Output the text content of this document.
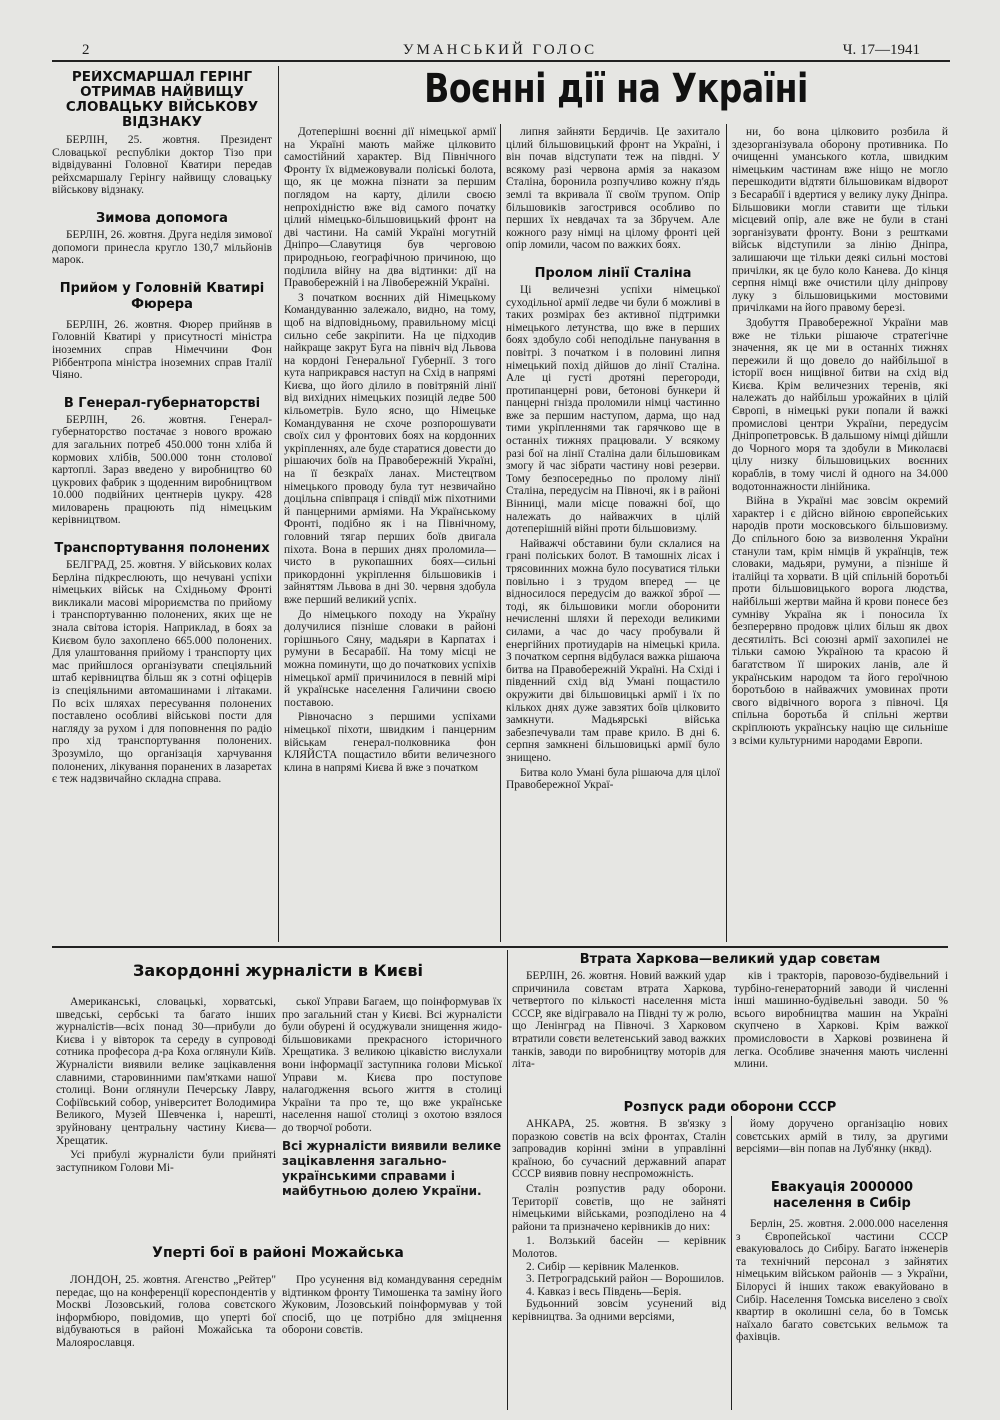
2	УМАНСЬКИЙ ГОЛОС	Ч. 17—1941
РЕЙХСМАРШАЛ ГЕРІНГ ОТРИМАВ НАЙВИЩУ СЛОВАЦЬКУ ВІЙСЬКОВУ ВІДЗНАКУ

БЕРЛІН, 25. жовтня. Президент Словацької республіки доктор Тізо при відвідуванні Головної Кватири передав рейхсмаршалу Герінгу найвищу словацьку військову відзнаку.

Зимова допомога

БЕРЛІН, 26. жовтня. Друга неділя зимової допомоги принесла кругло 130,7 мільйонів марок.

Прийом у Головній Кватирі Фюрера

БЕРЛІН, 26. жовтня. Фюрер прийняв в Головній Кватирі у присутності міністра іноземних справ Німеччини Фон Ріббентропа міністра іноземних справ Італії Чіяно.

В Генерал-губернаторстві

БЕРЛІН, 26. жовтня. Генерал-губернаторство постачає з нового врожаю для загальних потреб 450.000 тонн хліба й кормових хлібів, 500.000 тонн столової картоплі. Зараз введено у виробництво 60 цукрових фабрик з щоденним виробництвом 10.000 подвійних центнерів цукру. 428 миловарень працюють під німецьким керівництвом.

Транспортування полонених

БЕЛГРАД, 25. жовтня. У військових колах Берліна підкреслюють, що нечувані успіхи німецьких військ на Східньому Фронті викликали масові мірориємства по прийому і транспортуванню полонених, яких ще не знала світова історія. Наприклад, в боях за Києвом було захоплено 665.000 полонених. Для улаштовання прийому і транспорту цих мас прийшлося організувати спеціяльний штаб керівництва більш як з сотні офіцерів із спеціяльними автомашинами і літаками. По всіх шляхах пересування полонених поставлено особливі військові пости для нагляду за рухом і для поповнення по радіо про хід транспортування полонених. Зрозуміло, що організація харчування полонених, лікування поранених в лазаретах є теж надзвичайно складна справа.

Воєнні дії на Україні

Дотеперішні воєнні дії німецької армії на Україні мають майже цілковито самостійний характер. Від Північного Фронту їх відмежовували поліські болота, що, як це можна пізнати за першим поглядом на карту, ділили своєю непрохідністю вже від самого початку цілий німецько-більшовицький фронт на дві частини. На самій Україні могутній Дніпро—Славутиця був черговою природньою, географічною причиною, що поділила війну на два відтинки: дії на Правобережній і на Лівобережній Україні.

З початком воєнних дій Німецькому Командуванню залежало, видно, на тому, щоб на відповідньому, правильному місці сильно себе закріпити. На це підходив найкраще закрут Буга на північ від Львова на кордоні Генеральної Губернії. З того кута наприкрався наступ на Схід в напрямі Києва, що його ділило в повітряній лінії від вихідних німецьких позицій ледве 500 кільометрів. Було ясно, що Німецьке Командування не схоче розпорошувати своїх сил у фронтових боях на кордонних укріпленнях, але буде старатися довести до рішаючих боїв на Правобережній Україні, на її безкраїх ланах. Мистецтвом німецького проводу була тут незвичайно доцільна співпраця і співдії між піхотними й панцерними арміями. На Українському Фронті, подібно як і на Північному, головний тягар перших боїв двигала піхота. Вона в перших днях проломила—чисто в рукопашних боях—сильні прикордонні укріплення більшовиків і зайняттям Львова в дні 30. червня здобула вже перший великий успіх.

До німецького походу на Україну долучилися пізніше словаки в районі горішнього Сяну, мадьяри в Карпатах і румуни в Бесарабії. На тому місці не можна поминути, що до початкових успіхів німецької армії причинилося в певній мірі й українське населення Галичини своєю поставою.

Рівночасно з першими успіхами німецької піхоти, швидким і панцерним військам генерал-полковника фон КЛЯЙСТА пощастило вбити величезного клина в напрямі Києва й вже з початком

липня зайняти Бердичів. Це захитало цілий більшовицький фронт на Україні, і він почав відступати теж на півдні. У всякому разі червона армія за наказом Сталіна, боронила розпучливо кожну п'ядь землі та вкривала її своїм трупом. Опір більшовиків загострився особливо по перших їх невдачах та за Збручем. Але кожного разу німці на цілому фронті цей опір ломили, часом по важких боях.

Пролом лінії Сталіна

Ці величезні успіхи німецької суходільної армії ледве чи були б можливі в таких розмірах без активної підтримки німецького летунства, що вже в перших боях здобуло собі неподільне панування в повітрі. З початком і в половині липня німецький похід дійшов до лінії Сталіна. Але ці густі дротяні перегороди, протипанцерні рови, бетонові бункери й панцерні гнізда проломили німці частинно вже за першим наступом, дарма, що над тими укріпленнями так гарячково ще в останніх тижнях працювали. У всякому разі бої на лінії Сталіна дали більшовикам змогу й час зібрати частину нові резерви. Тому безпосередньо по пролому лінії Сталіна, передусім на Півночі, як і в районі Вінниці, мали місце поважні бої, що належать до найважчих в цілій дотеперішній війні проти більшовизму.

Найважчі обставини були склалися на грані поліських болот. В тамошніх лісах і трясовинних можна було посуватися тільки повільно і з трудом вперед — це відносилося передусім до важкої зброї — тоді, як більшовики могли оборонити нечисленні шляхи й переходи великими силами, а час до часу пробували й енергійних протиударів на німецькі крила. З початком серпня відбулася важка рішаюча битва на Правобережній Україні. На Східі і південний схід від Умані пощастило окружити дві більшовицькі армії і їх по кількох днях дуже завзятих боїв цілковито замкнути. Мадьярські війська забезпечували там праве крило. В дні 6. серпня замкнені більшовицькі армії було знищено.

Битва коло Умані була рішаюча для цілої Правобережної Украї-

ни, бо вона цілковито розбила й здезорганізувала оборону противника. По очищенні уманського котла, швидким німецьким частинам вже ніщо не могло перешкодити відтяти більшовикам відворот з Бесарабії і вдертися у велику луку Дніпра. Більшовики могли ставити ще тільки місцевий опір, але вже не були в стані зорганізувати фронту. Вони з рештками військ відступили за лінію Дніпра, залишаючи ще тільки деякі сильні мостові причілки, як це було коло Канева. До кінця серпня німці вже очистили цілу дніпрову луку з більшовицькими мостовими причілками на його правому березі.

Здобуття Правобережної України мав вже не тільки рішаюче стратегічне значення, як це ми в останніх тижнях пережили й що довело до найбільшої в історії воєн нищівної битви на схід від Києва. Крім величезних теренів, які належать до найбільш урожайних в цілій Європі, в німецькі руки попали й важкі промислові центри України, передусім Дніпропетровськ. В дальшому німці дійшли до Чорного моря та здобули в Миколаєві цілу низку більшовицьких воєнних кораблів, в тому числі й одного на 34.000 водотоннажности лінійника.

Війна в Україні має зовсім окремий характер і є дійсно війною європейських народів проти московського більшовизму. До спільного бою за визволення України станули там, крім німців й українців, теж словаки, мадьяри, румуни, а пізніше й італійці та хорвати. В цій спільній боротьбі проти більшовицького ворога людства, найбільші жертви майна й крови понесе без сумніву Україна як і поносила їх безперервно продовж цілих більш як двох десятиліть. Всі союзні армії захопилеі не тільки самою Україною та красою й багатством її широких ланів, але й українським народом та його героїчною боротьбою в найважчих умовинах проти свого відвічного ворога з півночі. Ця спільна боротьба й спільні жертви скріплюють українську націю ще сильніше з всіми культурними народами Европи.

Закордонні журналісти в Києві

Американські, словацькі, хорватські, шведські, сербські та багато інших журналістів—всіх понад 30—прибули до Києва і у вівторок та середу в супроводі сотника професора д-ра Коха оглянули Київ. Журналісти виявили велике зацікавлення славними, старовинними пам'ятками нашої столиці. Вони оглянули Печерську Лавру, Софіївський собор, університет Володимира Великого, Музей Шевченка і, нарешті, зруйновану центральну частину Києва—Хрещатик.

Усі прибулі журналісти були прийняті заступником Голови Мі-

ської Управи Багаем, що поінформував їх про загальний стан у Києві. Всі журналісти були обурені й осуджували знищення жидо-більшовиками прекрасного історичного Хрещатика. З великою цікавістю вислухали вони інформації заступника голови Міської Управи м. Києва про поступове налагодження всього життя в столиці України та про те, що вже українське населення нашої столиці з охотою взялося до творчої роботи.

Всі журналісти виявили велике зацікавлення загально-українськими справами і майбутньою долею України.
Уперті бої в районі Можайська

ЛОНДОН, 25. жовтня. Агенство „Рейтер" передає, що на конференції кореспондентів у Москві Лозовський, голова совєтского інформбюро, повідомив, що уперті бої відбуваються в районі Можайська та Малоярославця.

Про усунення від командування середнім відтинком фронту Тимошенка та заміну його Жуковим, Лозовський поінформував у той спосіб, що це потрібно для зміцнення оборони совєтів.

Втрата Харкова—великий удар совєтам

БЕРЛІН, 26. жовтня. Новий важкий удар спричинила совєтам втрата Харкова, четвертого по кількості населення міста СССР, яке відігравало на Півдні ту ж ролю, що Ленінград на Півночі. З Харковом втратили совєти велетенський завод важких танків, заводи по виробництву моторів для літа-

ків і тракторів, паровозо-будівельний і турбіно-генераторний заводи й численні інші машинно-будівельні заводи. 50 % всього виробництва машин на Україні скупчено в Харкові. Крім важкої промисловости в Харкові розвинена й легка. Особливе значення мають численні млини.

Розпуск ради оборони СССР

АНКАРА, 25. жовтня. В зв'язку з поразкою совєтів на всіх фронтах, Сталін запровадив корінні зміни в управлінні країною, бо сучасний державний апарат СССР виявив повну неспроможність.

Сталін розпустив раду оборони. Території совєтів, що не зайняті німецькими військами, розподілено на 4 райони та призначено керівників до них:

1. Волзький басейн — керівник Молотов.

2. Сибір — керівник Маленков.

3. Петроградський район — Ворошилов.

4. Кавказ і весь Південь—Берія.

Будьонний зовсім усунений від керівництва. За одними версіями,

йому доручено організацію нових совєтських армій в тилу, за другими версіями—він попав на Луб'янку (нквд).

Евакуація 2000000 населення в Сибір

Берлін, 25. жовтня. 2.000.000 населення з Європейської частини СССР евакуювалось до Сибіру. Багато інженерів та технічний персонал з зайнятих німецьким військом районів — з України, Білорусі й інших також евакуйовано в Сибір. Населення Томська виселено з своїх квартир в околишні села, бо в Томськ наїхало багато совєтських вельмож та фахівців.
